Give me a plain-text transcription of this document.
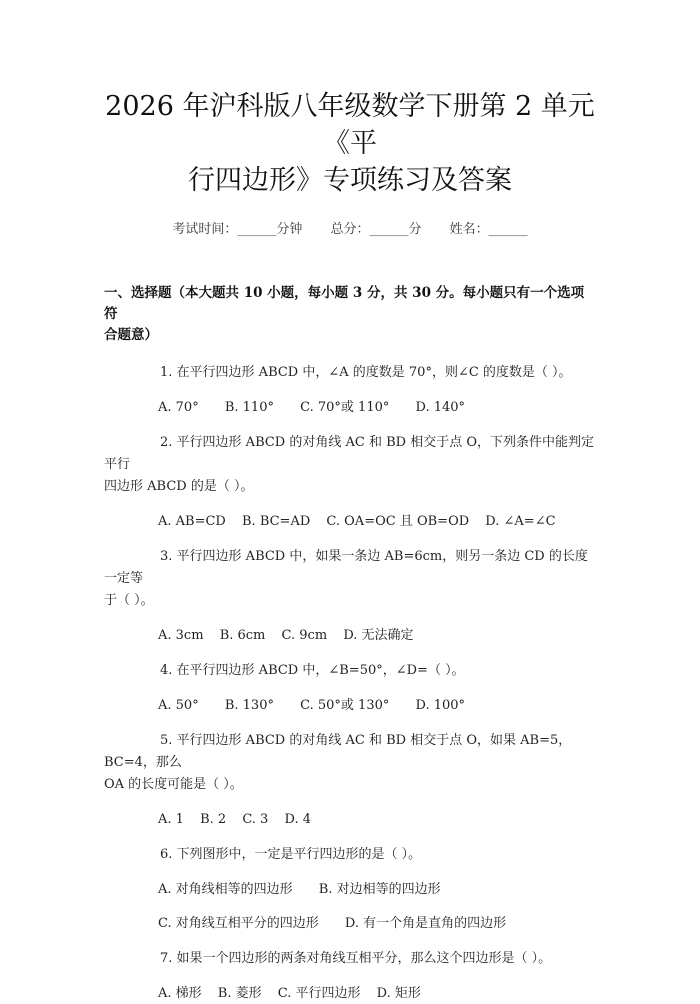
2026 年沪科版八年级数学下册第 2 单元《平
行四边形》专项练习及答案
考试时间：______分钟 总分：______分 姓名：______
一、选择题（本大题共 10 小题，每小题 3 分，共 30 分。每小题只有一个选项符
合题意）
1. 在平行四边形 ABCD 中，∠A 的度数是 70°，则∠C 的度数是（ ）。
A. 70° B. 110° C. 70°或 110° D. 140°
2. 平行四边形 ABCD 的对角线 AC 和 BD 相交于点 O，下列条件中能判定平行
四边形 ABCD 的是（ ）。
A. AB=CD B. BC=AD C. OA=OC 且 OB=OD D. ∠A=∠C
3. 平行四边形 ABCD 中，如果一条边 AB=6cm，则另一条边 CD 的长度一定等
于（ ）。
A. 3cm B. 6cm C. 9cm D. 无法确定
4. 在平行四边形 ABCD 中，∠B=50°，∠D=（ ）。
A. 50° B. 130° C. 50°或 130° D. 100°
5. 平行四边形 ABCD 的对角线 AC 和 BD 相交于点 O，如果 AB=5，BC=4，那么
OA 的长度可能是（ ）。
A. 1 B. 2 C. 3 D. 4
6. 下列图形中，一定是平行四边形的是（ ）。
A. 对角线相等的四边形 B. 对边相等的四边形
C. 对角线互相平分的四边形 D. 有一个角是直角的四边形
7. 如果一个四边形的两条对角线互相平分，那么这个四边形是（ ）。
A. 梯形 B. 菱形 C. 平行四边形 D. 矩形
